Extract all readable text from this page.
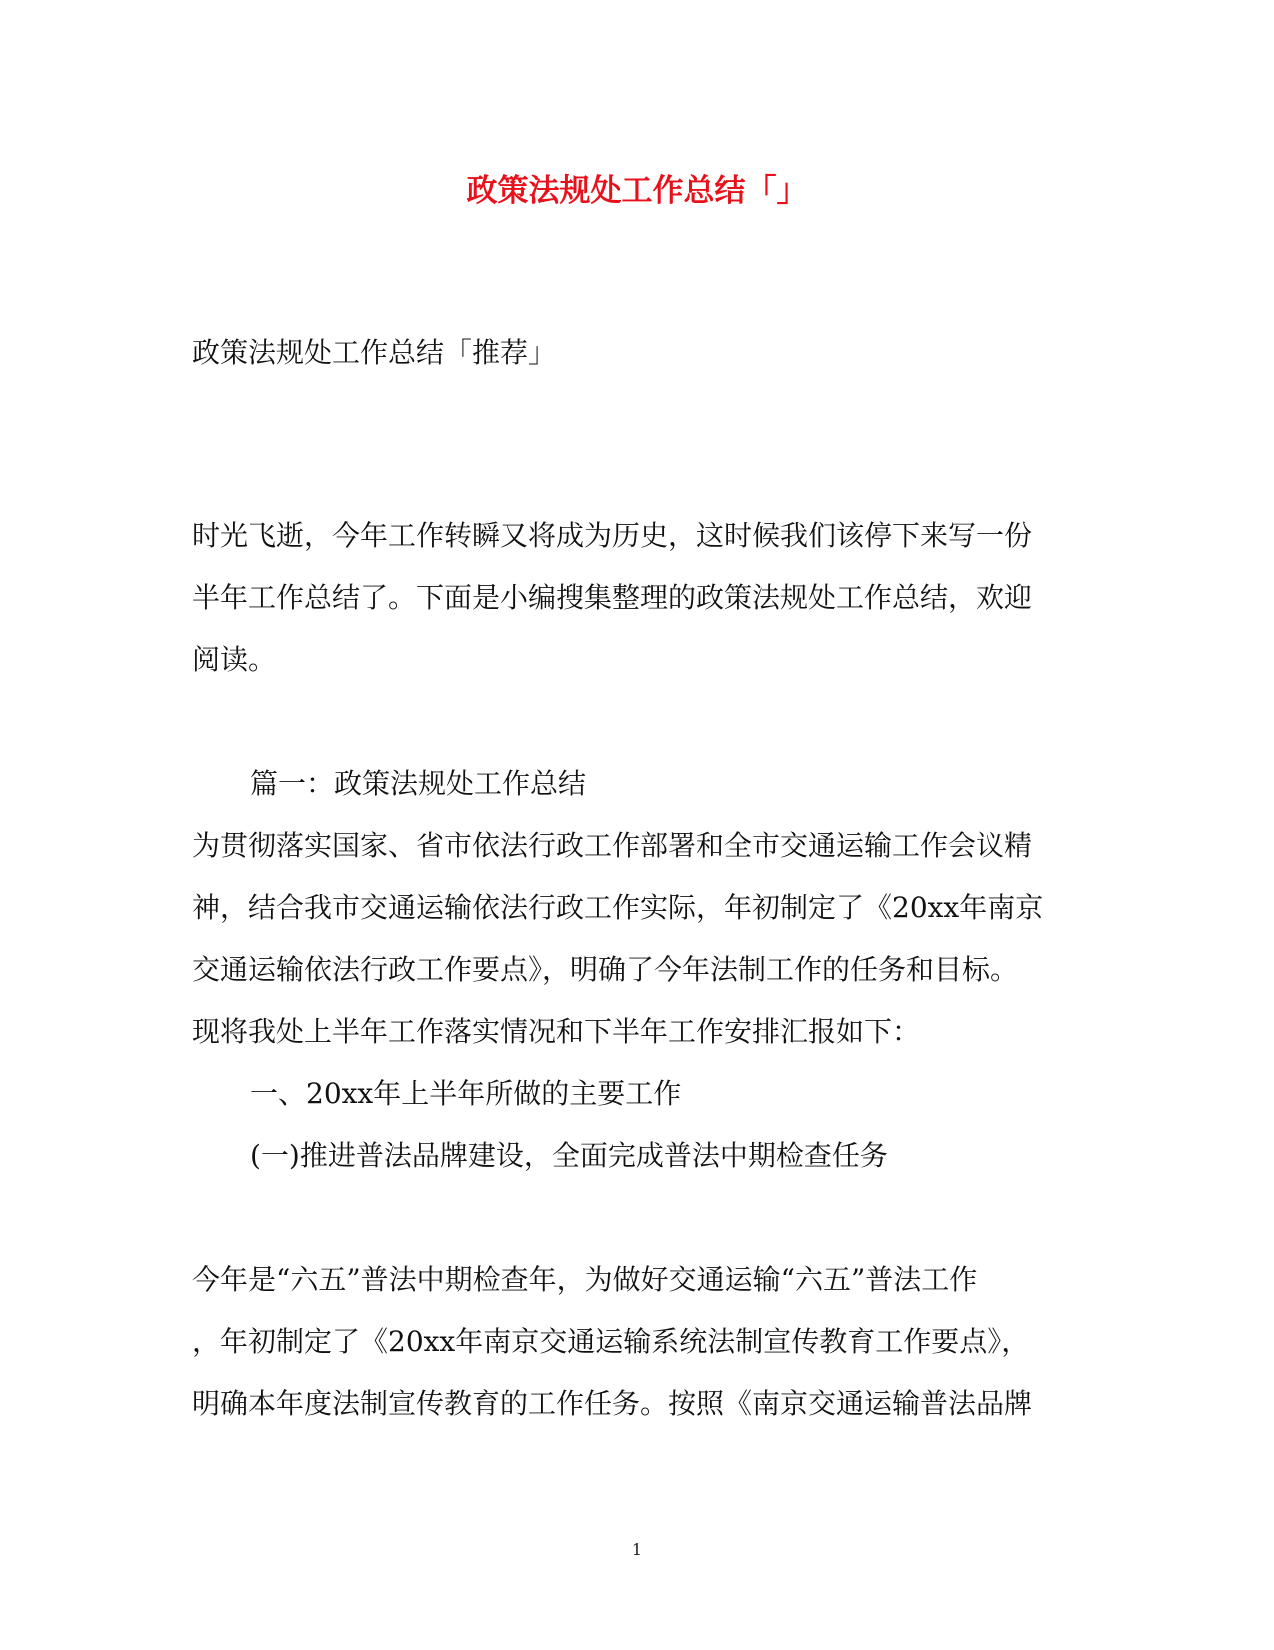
政策法规处工作总结「」
政策法规处工作总结「推荐」
时光飞逝，今年工作转瞬又将成为历史，这时候我们该停下来写一份
半年工作总结了。下面是小编搜集整理的政策法规处工作总结，欢迎
阅读。
篇一：政策法规处工作总结
为贯彻落实国家、省市依法行政工作部署和全市交通运输工作会议精
神，结合我市交通运输依法行政工作实际，年初制定了《20xx年南京
交通运输依法行政工作要点》，明确了今年法制工作的任务和目标。
现将我处上半年工作落实情况和下半年工作安排汇报如下：
一、20xx年上半年所做的主要工作
(一)推进普法品牌建设，全面完成普法中期检查任务
今年是“六五”普法中期检查年，为做好交通运输“六五”普法工作
，年初制定了《20xx年南京交通运输系统法制宣传教育工作要点》，
明确本年度法制宣传教育的工作任务。按照《南京交通运输普法品牌
1
